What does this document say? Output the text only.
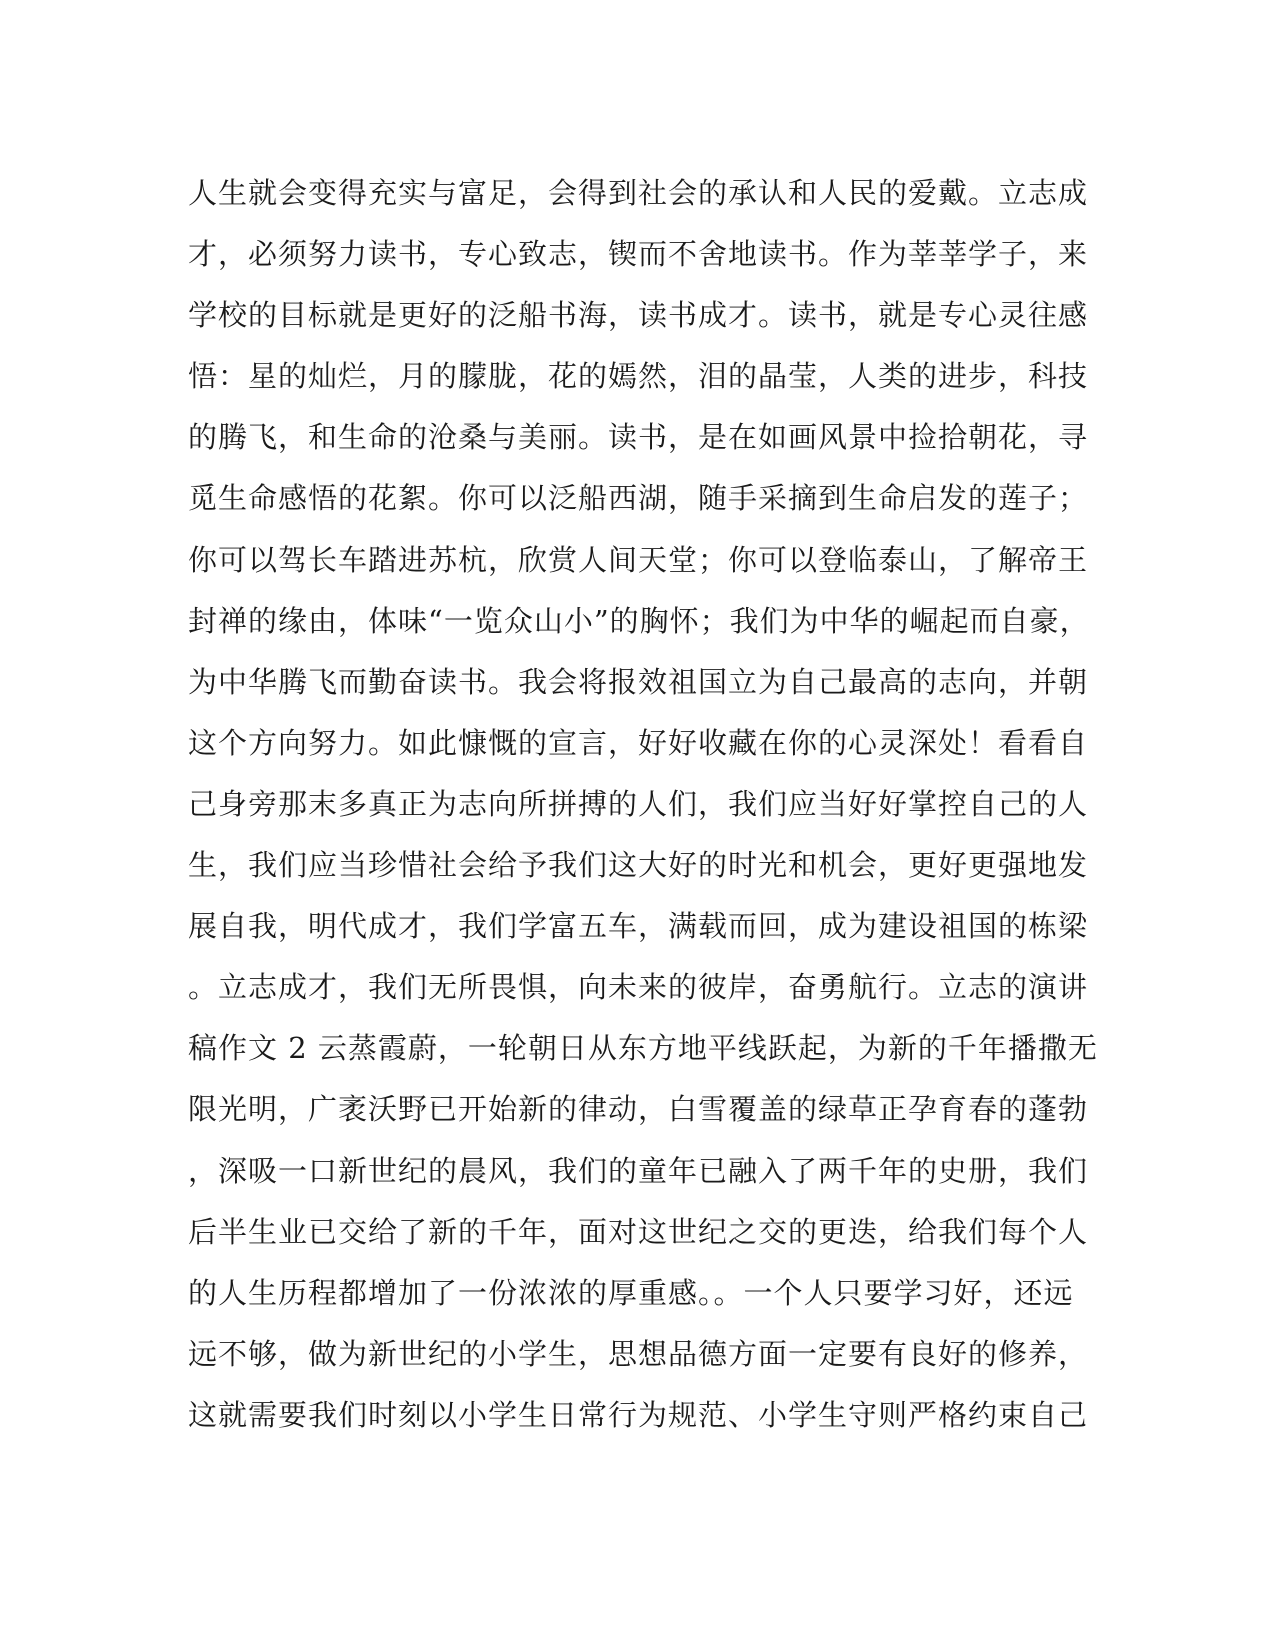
人生就会变得充实与富足，会得到社会的承认和人民的爱戴。立志成
才，必须努力读书，专心致志，锲而不舍地读书。作为莘莘学子，来
学校的目标就是更好的泛船书海，读书成才。读书，就是专心灵往感
悟：星的灿烂，月的朦胧，花的嫣然，泪的晶莹，人类的进步，科技
的腾飞，和生命的沧桑与美丽。读书，是在如画风景中捡拾朝花，寻
觅生命感悟的花絮。你可以泛船西湖，随手采摘到生命启发的莲子；
你可以驾长车踏进苏杭，欣赏人间天堂；你可以登临泰山，了解帝王
封禅的缘由，体味“一览众山小”的胸怀；我们为中华的崛起而自豪，
为中华腾飞而勤奋读书。我会将报效祖国立为自己最高的志向，并朝
这个方向努力。如此慷慨的宣言，好好收藏在你的心灵深处！看看自
己身旁那末多真正为志向所拼搏的人们，我们应当好好掌控自己的人
生，我们应当珍惜社会给予我们这大好的时光和机会，更好更强地发
展自我，明代成才，我们学富五车，满载而回，成为建设祖国的栋梁
。立志成才，我们无所畏惧，向未来的彼岸，奋勇航行。立志的演讲
稿作文 2 云蒸霞蔚，一轮朝日从东方地平线跃起，为新的千年播撒无
限光明，广袤沃野已开始新的律动，白雪覆盖的绿草正孕育春的蓬勃
，深吸一口新世纪的晨风，我们的童年已融入了两千年的史册，我们
后半生业已交给了新的千年，面对这世纪之交的更迭，给我们每个人
的人生历程都增加了一份浓浓的厚重感。。一个人只要学习好，还远
远不够，做为新世纪的小学生，思想品德方面一定要有良好的修养，
这就需要我们时刻以小学生日常行为规范、小学生守则严格约束自己
